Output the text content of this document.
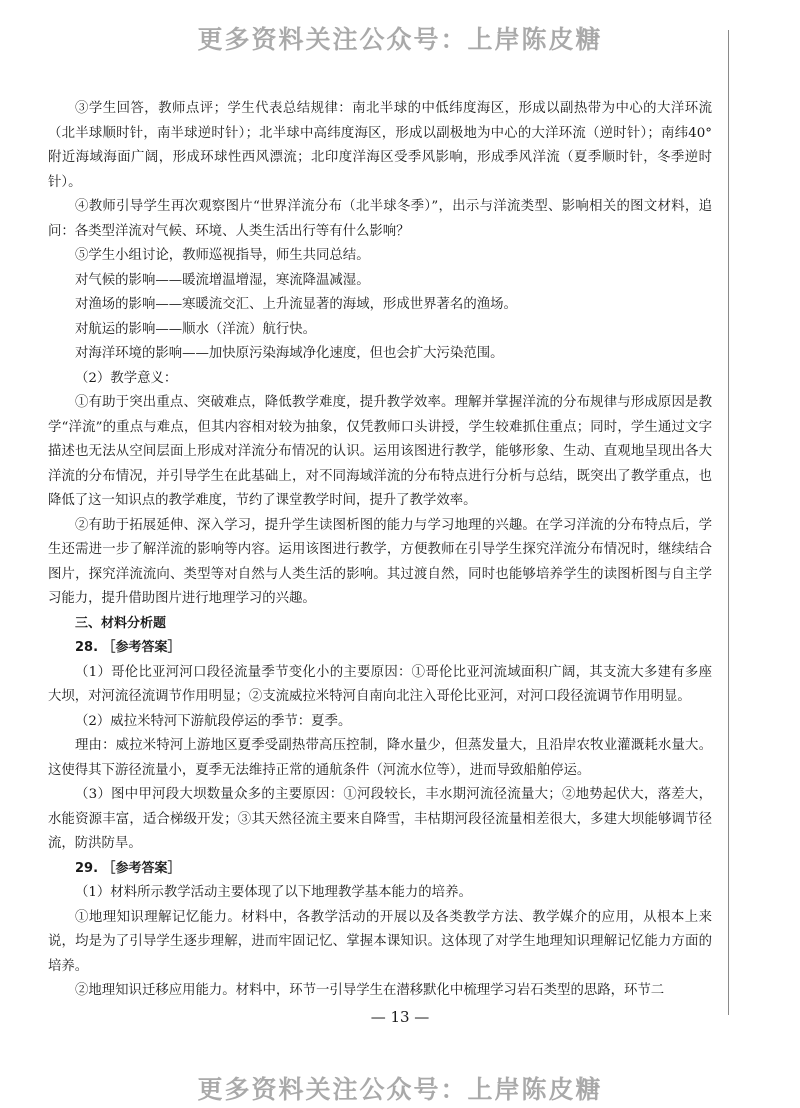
更多资料关注公众号：上岸陈皮糖

③学生回答，教师点评；学生代表总结规律：南北半球的中低纬度海区，形成以副热带为中心的大洋环流（北半球顺时针，南半球逆时针）；北半球中高纬度海区，形成以副极地为中心的大洋环流（逆时针）；南纬40°附近海域海面广阔，形成环球性西风漂流；北印度洋海区受季风影响，形成季风洋流（夏季顺时针，冬季逆时针）。

④教师引导学生再次观察图片“世界洋流分布（北半球冬季）”，出示与洋流类型、影响相关的图文材料，追问：各类型洋流对气候、环境、人类生活出行等有什么影响？

⑤学生小组讨论，教师巡视指导，师生共同总结。

对气候的影响——暖流增温增湿，寒流降温减湿。

对渔场的影响——寒暖流交汇、上升流显著的海域，形成世界著名的渔场。

对航运的影响——顺水（洋流）航行快。

对海洋环境的影响——加快原污染海域净化速度，但也会扩大污染范围。

（2）教学意义：

①有助于突出重点、突破难点，降低教学难度，提升教学效率。理解并掌握洋流的分布规律与形成原因是教学“洋流”的重点与难点，但其内容相对较为抽象，仅凭教师口头讲授，学生较难抓住重点；同时，学生通过文字描述也无法从空间层面上形成对洋流分布情况的认识。运用该图进行教学，能够形象、生动、直观地呈现出各大洋流的分布情况，并引导学生在此基础上，对不同海域洋流的分布特点进行分析与总结，既突出了教学重点，也降低了这一知识点的教学难度，节约了课堂教学时间，提升了教学效率。

②有助于拓展延伸、深入学习，提升学生读图析图的能力与学习地理的兴趣。在学习洋流的分布特点后，学生还需进一步了解洋流的影响等内容。运用该图进行教学，方便教师在引导学生探究洋流分布情况时，继续结合图片，探究洋流流向、类型等对自然与人类生活的影响。其过渡自然，同时也能够培养学生的读图析图与自主学习能力，提升借助图片进行地理学习的兴趣。

三、材料分析题

28. ［参考答案］

（1）哥伦比亚河河口段径流量季节变化小的主要原因：①哥伦比亚河流域面积广阔，其支流大多建有多座大坝，对河流径流调节作用明显；②支流威拉米特河自南向北注入哥伦比亚河，对河口段径流调节作用明显。

（2）威拉米特河下游航段停运的季节：夏季。

理由：威拉米特河上游地区夏季受副热带高压控制，降水量少，但蒸发量大，且沿岸农牧业灌溉耗水量大。这使得其下游径流量小，夏季无法维持正常的通航条件（河流水位等），进而导致船舶停运。

（3）图中甲河段大坝数量众多的主要原因：①河段较长，丰水期河流径流量大；②地势起伏大，落差大，水能资源丰富，适合梯级开发；③其天然径流主要来自降雪，丰枯期河段径流量相差很大，多建大坝能够调节径流，防洪防旱。

29. ［参考答案］

（1）材料所示教学活动主要体现了以下地理教学基本能力的培养。

①地理知识理解记忆能力。材料中，各教学活动的开展以及各类教学方法、教学媒介的应用，从根本上来说，均是为了引导学生逐步理解，进而牢固记忆、掌握本课知识。这体现了对学生地理知识理解记忆能力方面的培养。

②地理知识迁移应用能力。材料中，环节一引导学生在潜移默化中梳理学习岩石类型的思路，环节二

— 13 —
更多资料关注公众号：上岸陈皮糖
